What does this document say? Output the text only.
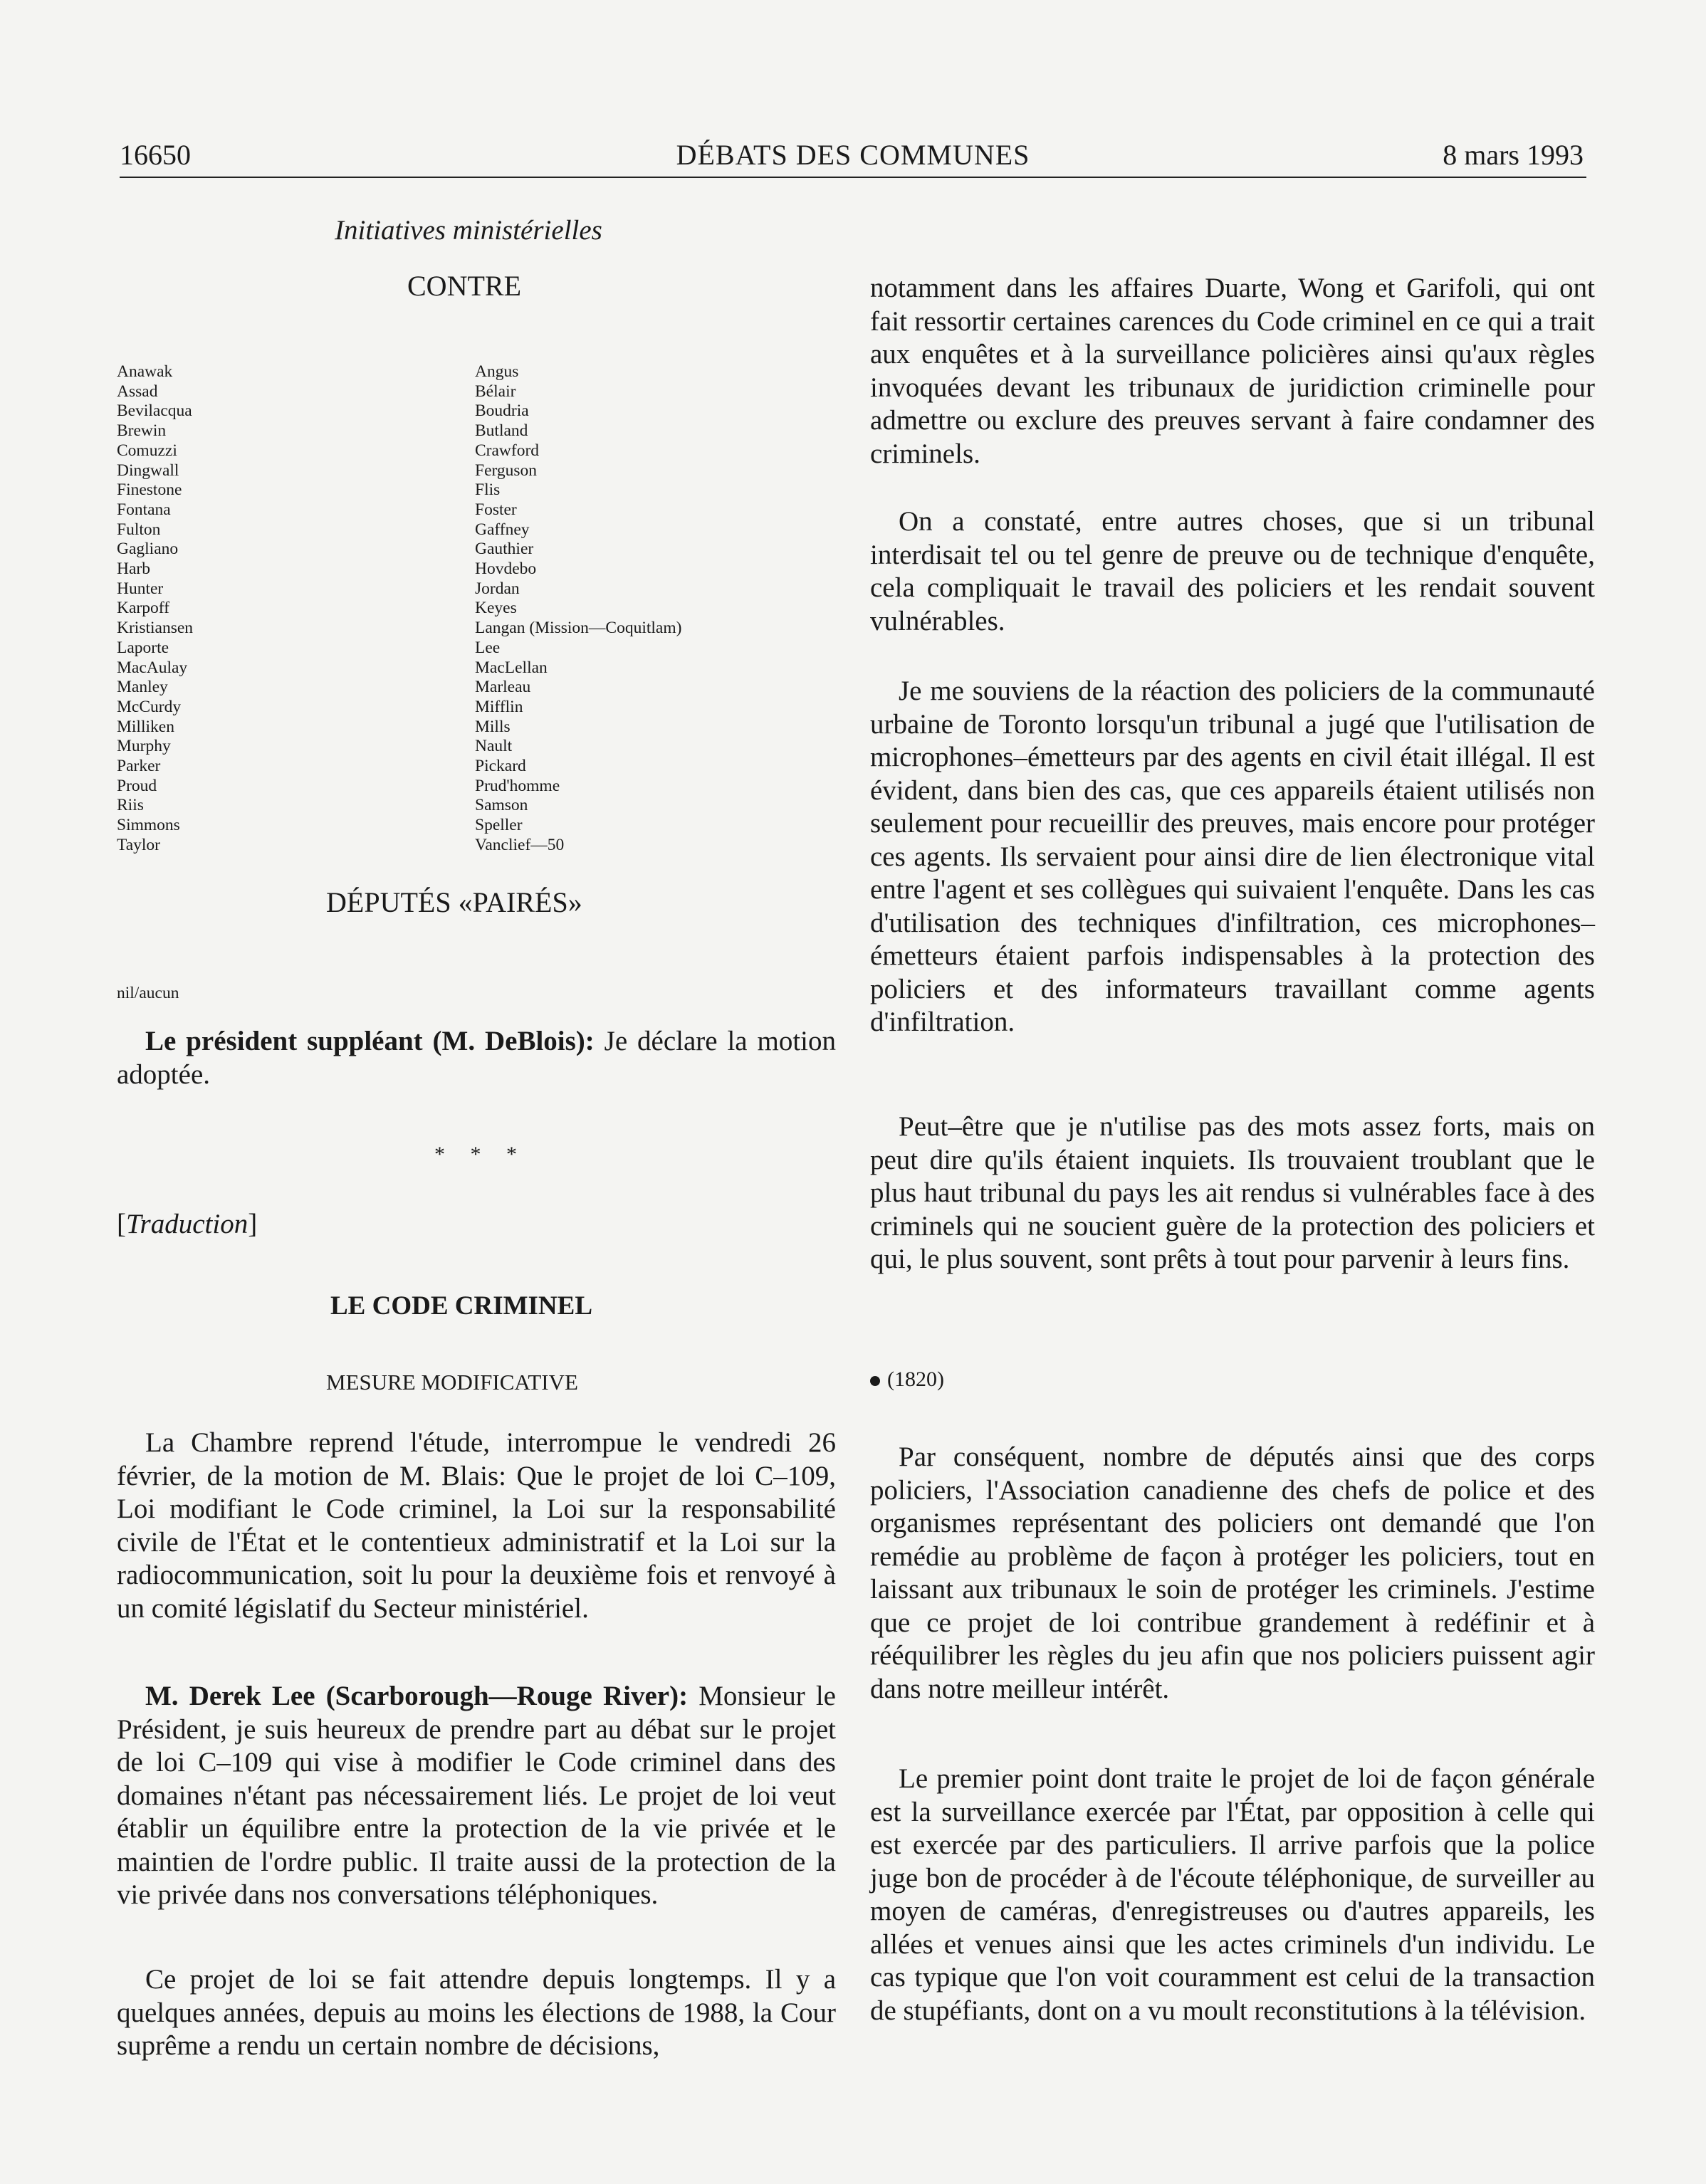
16650	DÉBATS DES COMMUNES	8 mars 1993
Initiatives ministérielles
CONTRE
Anawak
Assad
Bevilacqua
Brewin
Comuzzi
Dingwall
Finestone
Fontana
Fulton
Gagliano
Harb
Hunter
Karpoff
Kristiansen
Laporte
MacAulay
Manley
McCurdy
Milliken
Murphy
Parker
Proud
Riis
Simmons
Taylor
Angus
Bélair
Boudria
Butland
Crawford
Ferguson
Flis
Foster
Gaffney
Gauthier
Hovdebo
Jordan
Keyes
Langan (Mission—Coquitlam)
Lee
MacLellan
Marleau
Mifflin
Mills
Nault
Pickard
Prud'homme
Samson
Speller
Vanclief—50
DÉPUTÉS «PAIRÉS»
nil/aucun
Le président suppléant (M. DeBlois): Je déclare la motion adoptée.
* * *
[Traduction]
LE CODE CRIMINEL
MESURE MODIFICATIVE

La Chambre reprend l'étude, interrompue le vendredi 26 février, de la motion de M. Blais: Que le projet de loi C–109, Loi modifiant le Code criminel, la Loi sur la responsabilité civile de l'État et le contentieux administratif et la Loi sur la radiocommunication, soit lu pour la deuxième fois et renvoyé à un comité législatif du Secteur ministériel.

M. Derek Lee (Scarborough—Rouge River): Monsieur le Président, je suis heureux de prendre part au débat sur le projet de loi C–109 qui vise à modifier le Code criminel dans des domaines n'étant pas nécessairement liés. Le projet de loi veut établir un équilibre entre la protection de la vie privée et le maintien de l'ordre public. Il traite aussi de la protection de la vie privée dans nos conversations téléphoniques.

Ce projet de loi se fait attendre depuis longtemps. Il y a quelques années, depuis au moins les élections de 1988, la Cour suprême a rendu un certain nombre de décisions,

notamment dans les affaires Duarte, Wong et Garifoli, qui ont fait ressortir certaines carences du Code criminel en ce qui a trait aux enquêtes et à la surveillance policières ainsi qu'aux règles invoquées devant les tribunaux de juridiction criminelle pour admettre ou exclure des preuves servant à faire condamner des criminels.

On a constaté, entre autres choses, que si un tribunal interdisait tel ou tel genre de preuve ou de technique d'enquête, cela compliquait le travail des policiers et les rendait souvent vulnérables.

Je me souviens de la réaction des policiers de la communauté urbaine de Toronto lorsqu'un tribunal a jugé que l'utilisation de microphones–émetteurs par des agents en civil était illégal. Il est évident, dans bien des cas, que ces appareils étaient utilisés non seulement pour recueillir des preuves, mais encore pour protéger ces agents. Ils servaient pour ainsi dire de lien électronique vital entre l'agent et ses collègues qui suivaient l'enquête. Dans les cas d'utilisation des techniques d'infiltration, ces microphones–émetteurs étaient parfois indispensables à la protection des policiers et des informateurs travaillant comme agents d'infiltration.

Peut–être que je n'utilise pas des mots assez forts, mais on peut dire qu'ils étaient inquiets. Ils trouvaient troublant que le plus haut tribunal du pays les ait rendus si vulnérables face à des criminels qui ne soucient guère de la protection des policiers et qui, le plus souvent, sont prêts à tout pour parvenir à leurs fins.

(1820)

Par conséquent, nombre de députés ainsi que des corps policiers, l'Association canadienne des chefs de police et des organismes représentant des policiers ont demandé que l'on remédie au problème de façon à protéger les policiers, tout en laissant aux tribunaux le soin de protéger les criminels. J'estime que ce projet de loi contribue grandement à redéfinir et à rééquilibrer les règles du jeu afin que nos policiers puissent agir dans notre meilleur intérêt.

Le premier point dont traite le projet de loi de façon générale est la surveillance exercée par l'État, par opposition à celle qui est exercée par des particuliers. Il arrive parfois que la police juge bon de procéder à de l'écoute téléphonique, de surveiller au moyen de caméras, d'enregistreuses ou d'autres appareils, les allées et venues ainsi que les actes criminels d'un individu. Le cas typique que l'on voit couramment est celui de la transaction de stupéfiants, dont on a vu moult reconstitutions à la télévision.
